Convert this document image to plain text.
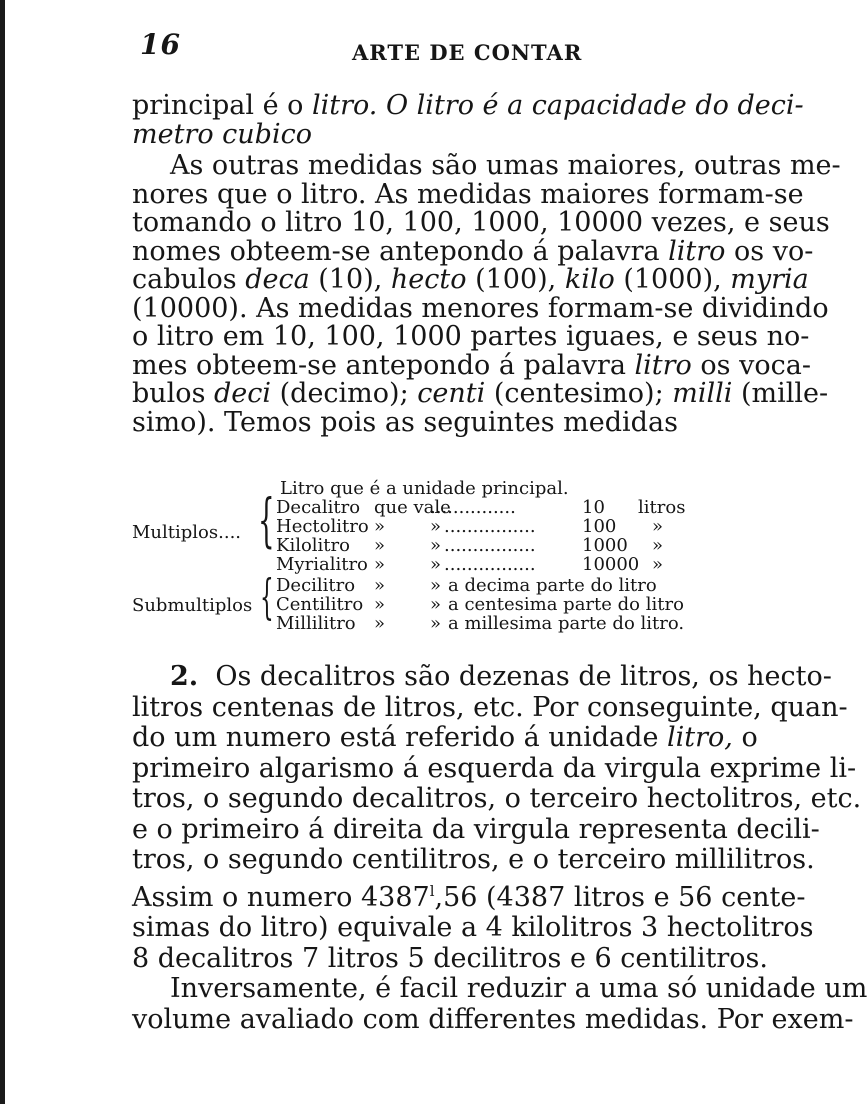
16	ARTE DE CONTAR
principal é o litro. O litro é a capacidade do deci-
metro cubico
As outras medidas são umas maiores, outras me-
nores que o litro. As medidas maiores formam-se
tomando o litro 10, 100, 1000, 10000 vezes, e seus
nomes obteem-se antepondo á palavra litro os vo-
cabulos deca (10), hecto (100), kilo (1000), myria
(10000). As medidas menores formam-se dividindo
o litro em 10, 100, 1000 partes iguaes, e seus no-
mes obteem-se antepondo á palavra litro os voca-
bulos deci (decimo); centi (centesimo); milli (mille-
simo). Temos pois as seguintes medidas
Litro que é a unidade principal.
Multiplos.... { Decalitro que vale...............	10 litros
Hectolitro » » ................	100 »
Kilolitro » » ................	1000 »
Myrialitro » » ................	10000 »
Submultiplos { Decilitro » » a decima parte do litro
Centilitro » » a centesima parte do litro
Millilitro » » a millesima parte do litro.
2. Os decalitros são dezenas de litros, os hecto-
litros centenas de litros, etc. Por conseguinte, quan-
do um numero está referido á unidade litro, o
primeiro algarismo á esquerda da virgula exprime li-
tros, o segundo decalitros, o terceiro hectolitros, etc.
e o primeiro á direita da virgula representa decili-
tros, o segundo centilitros, e o terceiro millilitros.
Assim o numero 4387$^l$,56 (4387 litros e 56 cente-
simas do litro) equivale a 4 kilolitros 3 hectolitros
8 decalitros 7 litros 5 decilitros e 6 centilitros.
Inversamente, é facil reduzir a uma só unidade um
volume avaliado com differentes medidas. Por exem-
